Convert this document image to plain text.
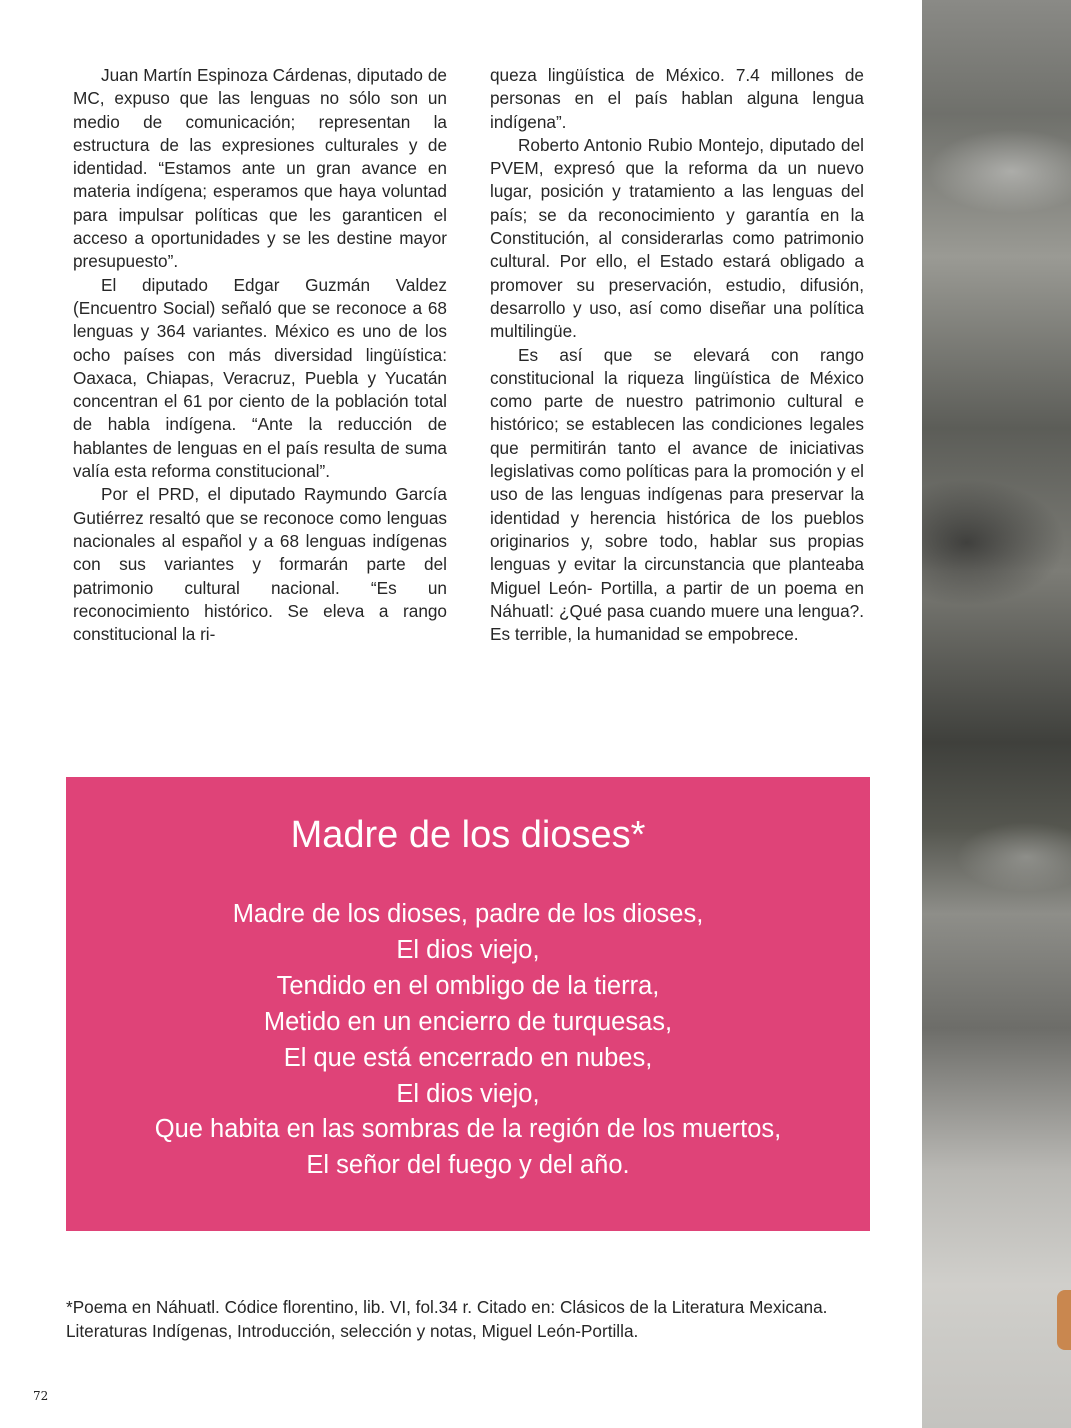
Juan Martín Espinoza Cárdenas, diputado de MC, expuso que las lenguas no sólo son un medio de comunicación; representan la estructura de las expresiones culturales y de identidad. “Estamos ante un gran avance en materia indígena; esperamos que haya voluntad para impulsar políticas que les garanticen el acceso a oportunidades y se les destine mayor presupuesto”.

El diputado Edgar Guzmán Valdez (Encuentro Social) señaló que se reconoce a 68 lenguas y 364 variantes. México es uno de los ocho países con más diversidad lingüística: Oaxaca, Chiapas, Veracruz, Puebla y Yucatán concentran el 61 por ciento de la población total de habla indígena. “Ante la reducción de hablantes de lenguas en el país resulta de suma valía esta reforma constitucional”.

Por el PRD, el diputado Raymundo García Gutiérrez resaltó que se reconoce como lenguas nacionales al español y a 68 lenguas indígenas con sus variantes y formarán parte del patrimonio cultural nacional. “Es un reconocimiento histórico. Se eleva a rango constitucional la ri-

queza lingüística de México. 7.4 millones de personas en el país hablan alguna lengua indígena”.

Roberto Antonio Rubio Montejo, diputado del PVEM, expresó que la reforma da un nuevo lugar, posición y tratamiento a las lenguas del país; se da reconocimiento y garantía en la Constitución, al considerarlas como patrimonio cultural. Por ello, el Estado estará obligado a promover su preservación, estudio, difusión, desarrollo y uso, así como diseñar una política multilingüe.

Es así que se elevará con rango constitucional la riqueza lingüística de México como parte de nuestro patrimonio cultural e histórico; se establecen las condiciones legales que permitirán tanto el avance de iniciativas legislativas como políticas para la promoción y el uso de las lenguas indígenas para preservar la identidad y herencia histórica de los pueblos originarios y, sobre todo, hablar sus propias lenguas y evitar la circunstancia que planteaba Miguel León- Portilla, a partir de un poema en Náhuatl: ¿Qué pasa cuando muere una lengua?. Es terrible, la humanidad se empobrece.

Madre de los dioses*
Madre de los dioses, padre de los dioses,
El dios viejo,
Tendido en el ombligo de la tierra,
Metido en un encierro de turquesas,
El que está encerrado en nubes,
El dios viejo,
Que habita en las sombras de la región de los muertos,
El señor del fuego y del año.
*Poema en Náhuatl. Códice florentino, lib. VI, fol.34 r. Citado en: Clásicos de la Literatura Mexicana. Literaturas Indígenas, Introducción, selección y notas, Miguel León-Portilla.
72
